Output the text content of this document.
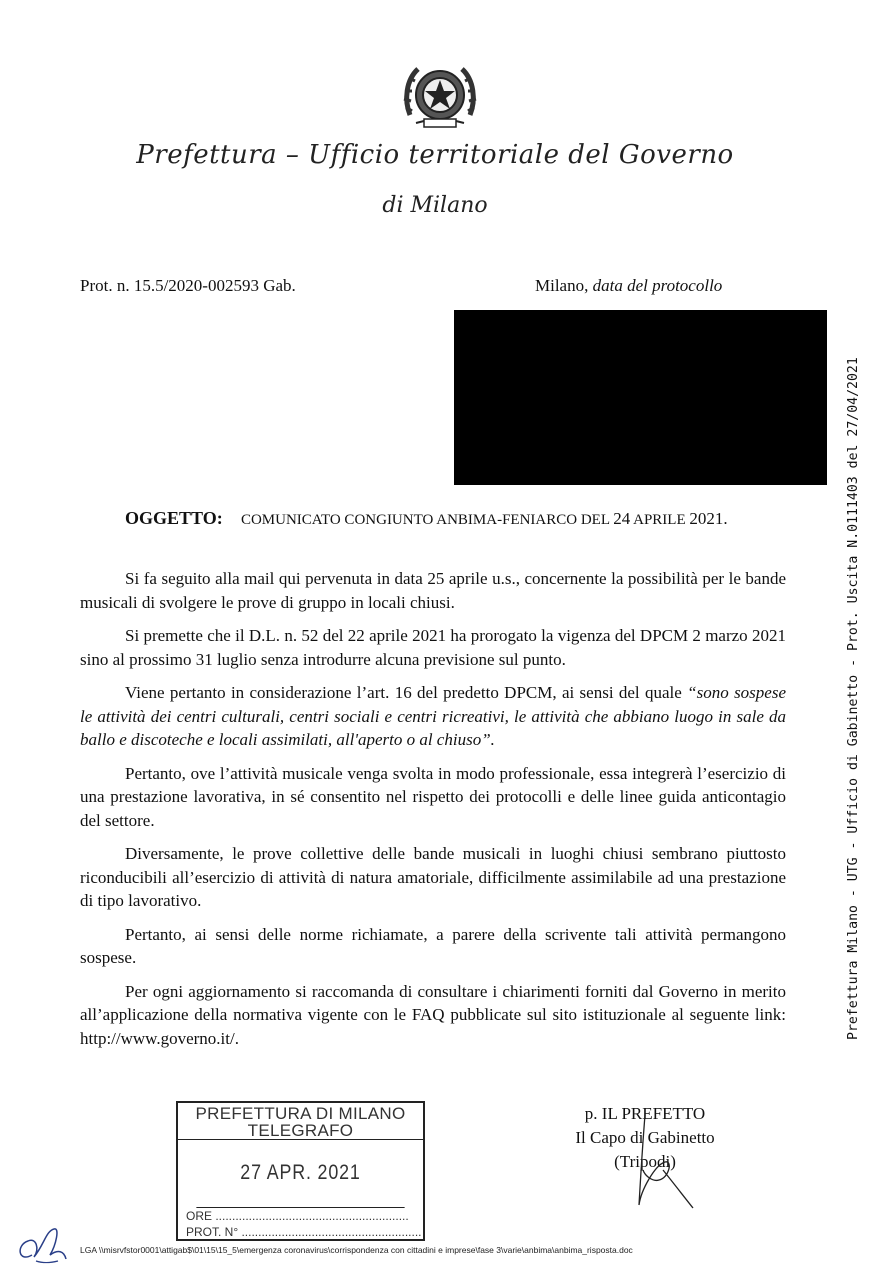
Prefettura – Ufficio territoriale del Governo
di Milano
Prot. n. 15.5/2020-002593 Gab.	Milano, data del protocollo
OGGETTO: COMUNICATO CONGIUNTO ANBIMA-FENIARCO DEL 24 APRILE 2021.

Si fa seguito alla mail qui pervenuta in data 25 aprile u.s., concernente la possibilità per le bande musicali di svolgere le prove di gruppo in locali chiusi.

Si premette che il D.L. n. 52 del 22 aprile 2021 ha prorogato la vigenza del DPCM 2 marzo 2021 sino al prossimo 31 luglio senza introdurre alcuna previsione sul punto.

Viene pertanto in considerazione l’art. 16 del predetto DPCM, ai sensi del quale “sono sospese le attività dei centri culturali, centri sociali e centri ricreativi, le attività che abbiano luogo in sale da ballo e discoteche e locali assimilati, all'aperto o al chiuso”.

Pertanto, ove l’attività musicale venga svolta in modo professionale, essa integrerà l’esercizio di una prestazione lavorativa, in sé consentito nel rispetto dei protocolli e delle linee guida anticontagio del settore.

Diversamente, le prove collettive delle bande musicali in luoghi chiusi sembrano piuttosto riconducibili all’esercizio di attività di natura amatoriale, difficilmente assimilabile ad una prestazione di tipo lavorativo.

Pertanto, ai sensi delle norme richiamate, a parere della scrivente tali attività permangono sospese.

Per ogni aggiornamento si raccomanda di consultare i chiarimenti forniti dal Governo in merito all’applicazione della normativa vigente con le FAQ pubblicate sul sito istituzionale al seguente link: http://www.governo.it/.	Prefettura Milano - UTG - Ufficio di Gabinetto - Prot. Uscita N.0111403 del 27/04/2021
PREFETTURA DI MILANO
TELEGRAFO
27 APR. 2021
ORE ..........................................................
PROT. N° ......................................................
p. IL PREFETTO
Il Capo di Gabinetto
(Tripodi)
LGA \\misrvfstor0001\attigab$\01\15\15_5\emergenza coronavirus\corrispondenza con cittadini e imprese\fase 3\varie\anbima\anbima_risposta.doc
